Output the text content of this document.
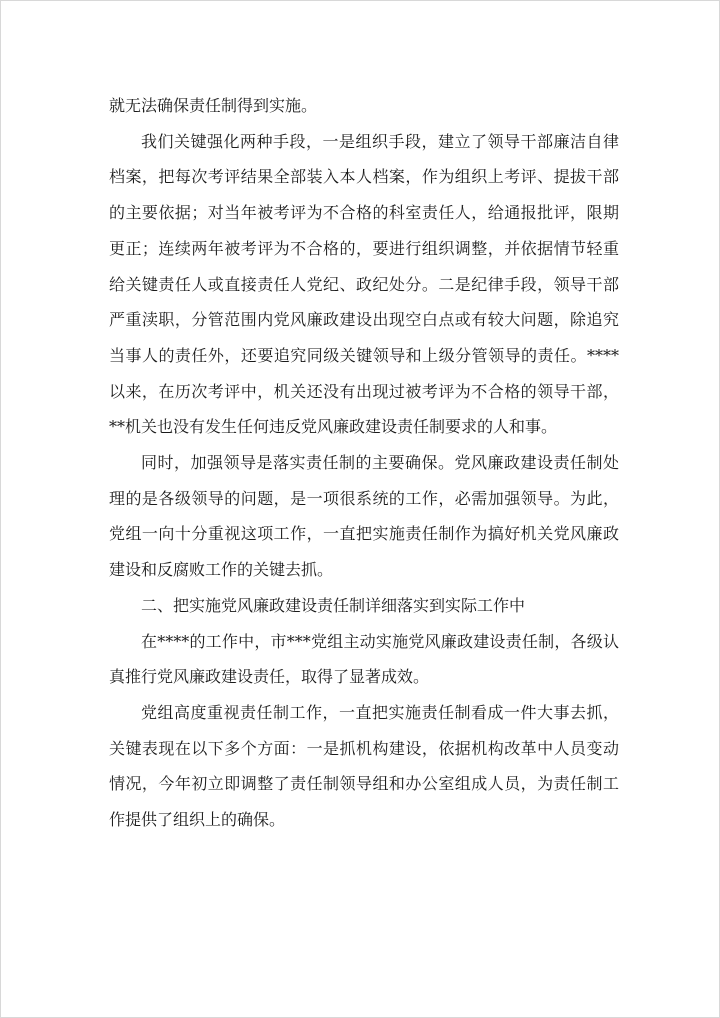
就无法确保责任制得到实施。

我们关键强化两种手段，一是组织手段，建立了领导干部廉洁自律档案，把每次考评结果全部装入本人档案，作为组织上考评、提拔干部的主要依据；对当年被考评为不合格的科室责任人，给通报批评，限期更正；连续两年被考评为不合格的，要进行组织调整，并依据情节轻重给关键责任人或直接责任人党纪、政纪处分。二是纪律手段，领导干部严重渎职，分管范围内党风廉政建设出现空白点或有较大问题，除追究当事人的责任外，还要追究同级关键领导和上级分管领导的责任。****以来，在历次考评中，机关还没有出现过被考评为不合格的领导干部，**机关也没有发生任何违反党风廉政建设责任制要求的人和事。

同时，加强领导是落实责任制的主要确保。党风廉政建设责任制处理的是各级领导的问题，是一项很系统的工作，必需加强领导。为此，党组一向十分重视这项工作，一直把实施责任制作为搞好机关党风廉政建设和反腐败工作的关键去抓。

二、把实施党风廉政建设责任制详细落实到实际工作中

在****的工作中，市***党组主动实施党风廉政建设责任制，各级认真推行党风廉政建设责任，取得了显著成效。

党组高度重视责任制工作，一直把实施责任制看成一件大事去抓，关键表现在以下多个方面：一是抓机构建设，依据机构改革中人员变动情况，今年初立即调整了责任制领导组和办公室组成人员，为责任制工作提供了组织上的确保。
